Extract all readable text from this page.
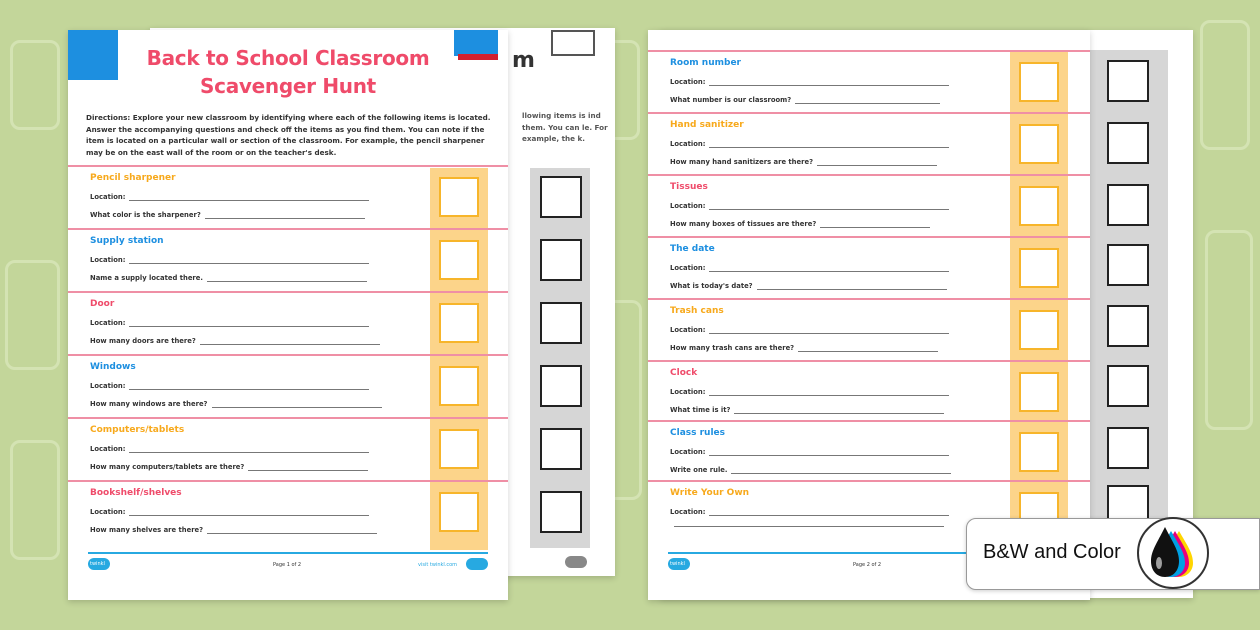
m
llowing items is ind them. You can le. For example, the k.
Back to School Classroom
Scavenger Hunt
Directions: Explore your new classroom by identifying where each of the following items is located. Answer the accompanying questions and check off the items as you find them. You can note if the item is located on a particular wall or section of the classroom. For example, the pencil sharpener may be on the east wall of the room or on the teacher's desk.
Pencil sharpener
Location:
What color is the sharpener?
Supply station
Location:
Name a supply located there.
Door
Location:
How many doors are there?
Windows
Location:
How many windows are there?
Computers/tablets
Location:
How many computers/tablets are there?
Bookshelf/shelves
Location:
How many shelves are there?
twinkl	Page 1 of 2	visit twinkl.com
Room number
Location:
What number is our classroom?
Hand sanitizer
Location:
How many hand sanitizers are there?
Tissues
Location:
How many boxes of tissues are there?
The date
Location:
What is today's date?
Trash cans
Location:
How many trash cans are there?
Clock
Location:
What time is it?
Class rules
Location:
Write one rule.
Write Your Own
Location:
twinkl	Page 2 of 2
B&W and Color
